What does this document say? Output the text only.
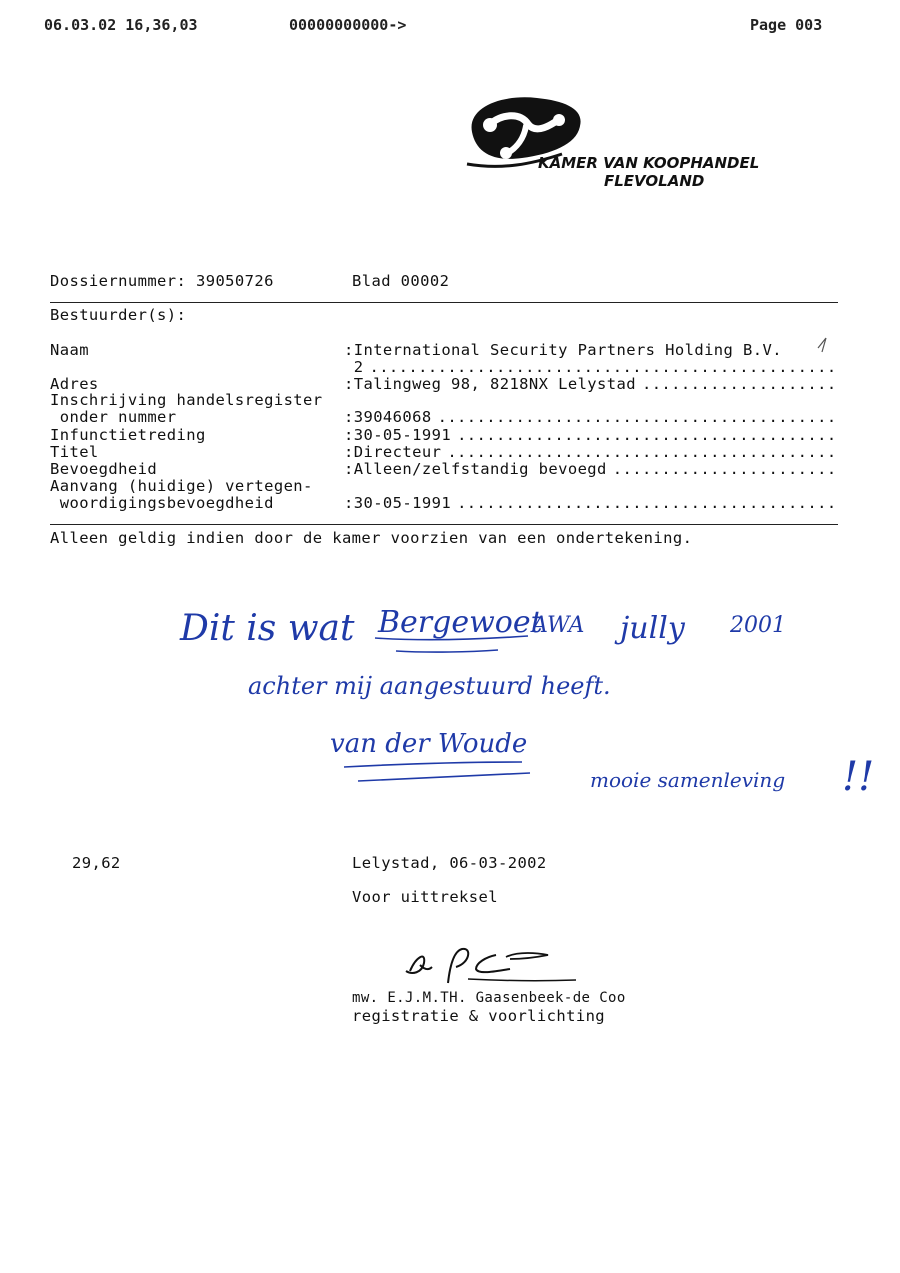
06.03.02 16,36,03	00000000000->	Page 003
KAMER VAN KOOPHANDEL
FLEVOLAND
Dossiernummer: 39050726	Blad 00002
Bestuurder(s):
Naam	:International Security Partners Holding B.V.
2
.....
Adres	:Talingweg 98, 8218NX Lelystad
.....
Inschrijving handelsregister
onder nummer	:39046068
.....
Infunctietreding	:30-05-1991
.....
Titel	:Directeur
.....
Bevoegdheid	:Alleen/zelfstandig bevoegd
.....
Aanvang (huidige) vertegen-
woordigingsbevoegdheid	:30-05-1991
.....
Alleen geldig indien door de kamer voorzien van een ondertekening.
Dit is wat Bergewoet
AWA jully 2001
achter mij aangestuurd heeft.
van der Woude
mooie samenleving !!
29,62	Lelystad, 06-03-2002
Voor uittreksel
mw. E.J.M.TH. Gaasenbeek-de Coo
registratie & voorlichting
